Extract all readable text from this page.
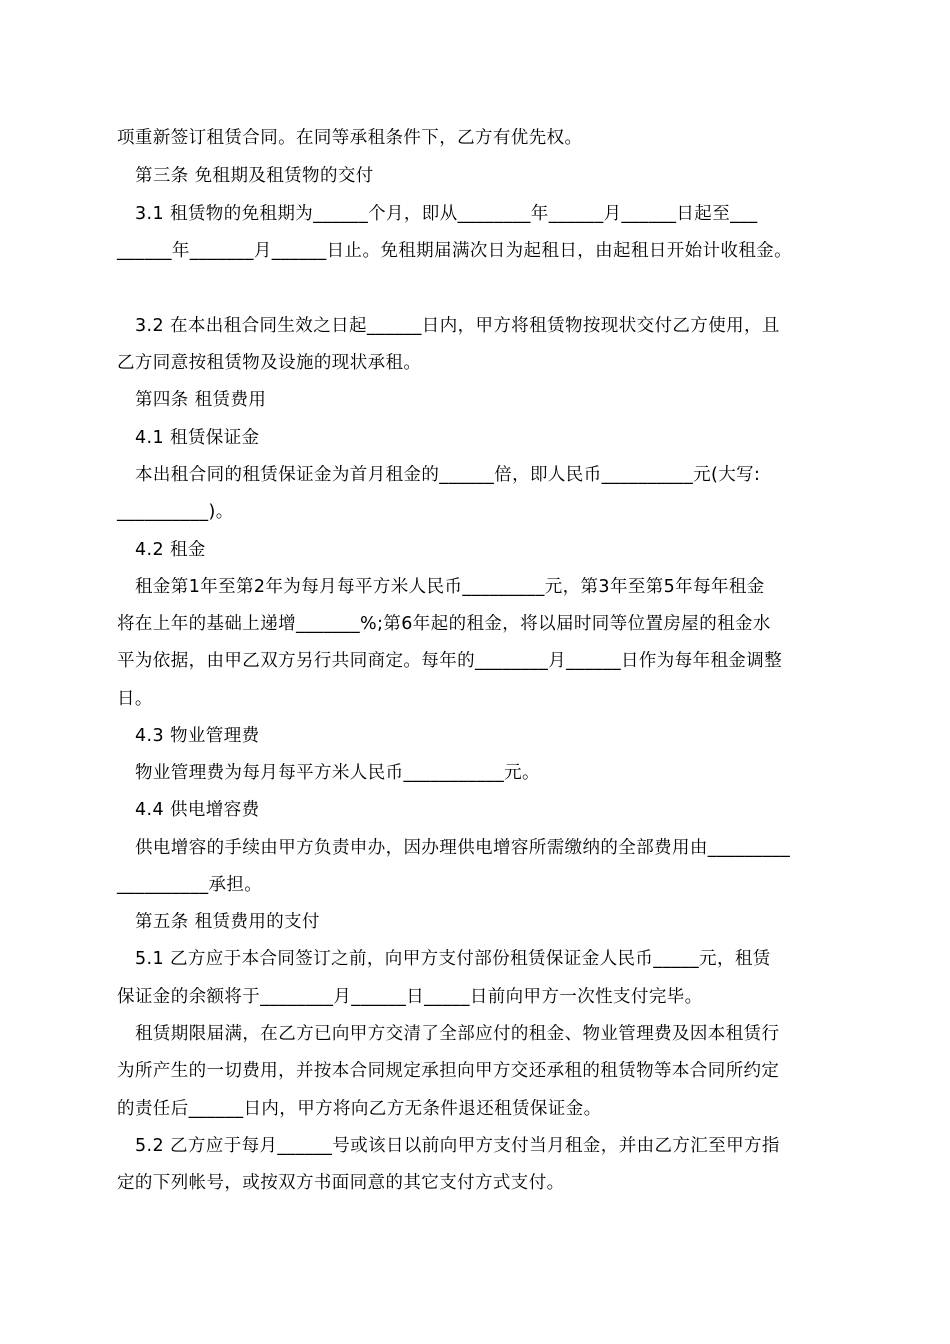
项重新签订租赁合同。在同等承租条件下，乙方有优先权。
第三条 免租期及租赁物的交付
3.1 租赁物的免租期为______个月，即从________年______月______日起至___
______年_______月______日止。免租期届满次日为起租日，由起租日开始计收租金。
3.2 在本出租合同生效之日起______日内，甲方将租赁物按现状交付乙方使用，且
乙方同意按租赁物及设施的现状承租。
第四条 租赁费用
4.1 租赁保证金
本出租合同的租赁保证金为首月租金的______倍，即人民币__________元(大写:
__________)。
4.2 租金
租金第1年至第2年为每月每平方米人民币_________元，第3年至第5年每年租金
将在上年的基础上递增_______%;第6年起的租金，将以届时同等位置房屋的租金水
平为依据，由甲乙双方另行共同商定。每年的________月______日作为每年租金调整
日。
4.3 物业管理费
物业管理费为每月每平方米人民币___________元。
4.4 供电增容费
供电增容的手续由甲方负责申办，因办理供电增容所需缴纳的全部费用由_________
__________承担。
第五条 租赁费用的支付
5.1 乙方应于本合同签订之前，向甲方支付部份租赁保证金人民币_____元，租赁
保证金的余额将于________月______日_____日前向甲方一次性支付完毕。
租赁期限届满，在乙方已向甲方交清了全部应付的租金、物业管理费及因本租赁行
为所产生的一切费用，并按本合同规定承担向甲方交还承租的租赁物等本合同所约定
的责任后______日内，甲方将向乙方无条件退还租赁保证金。
5.2 乙方应于每月______号或该日以前向甲方支付当月租金，并由乙方汇至甲方指
定的下列帐号，或按双方书面同意的其它支付方式支付。
